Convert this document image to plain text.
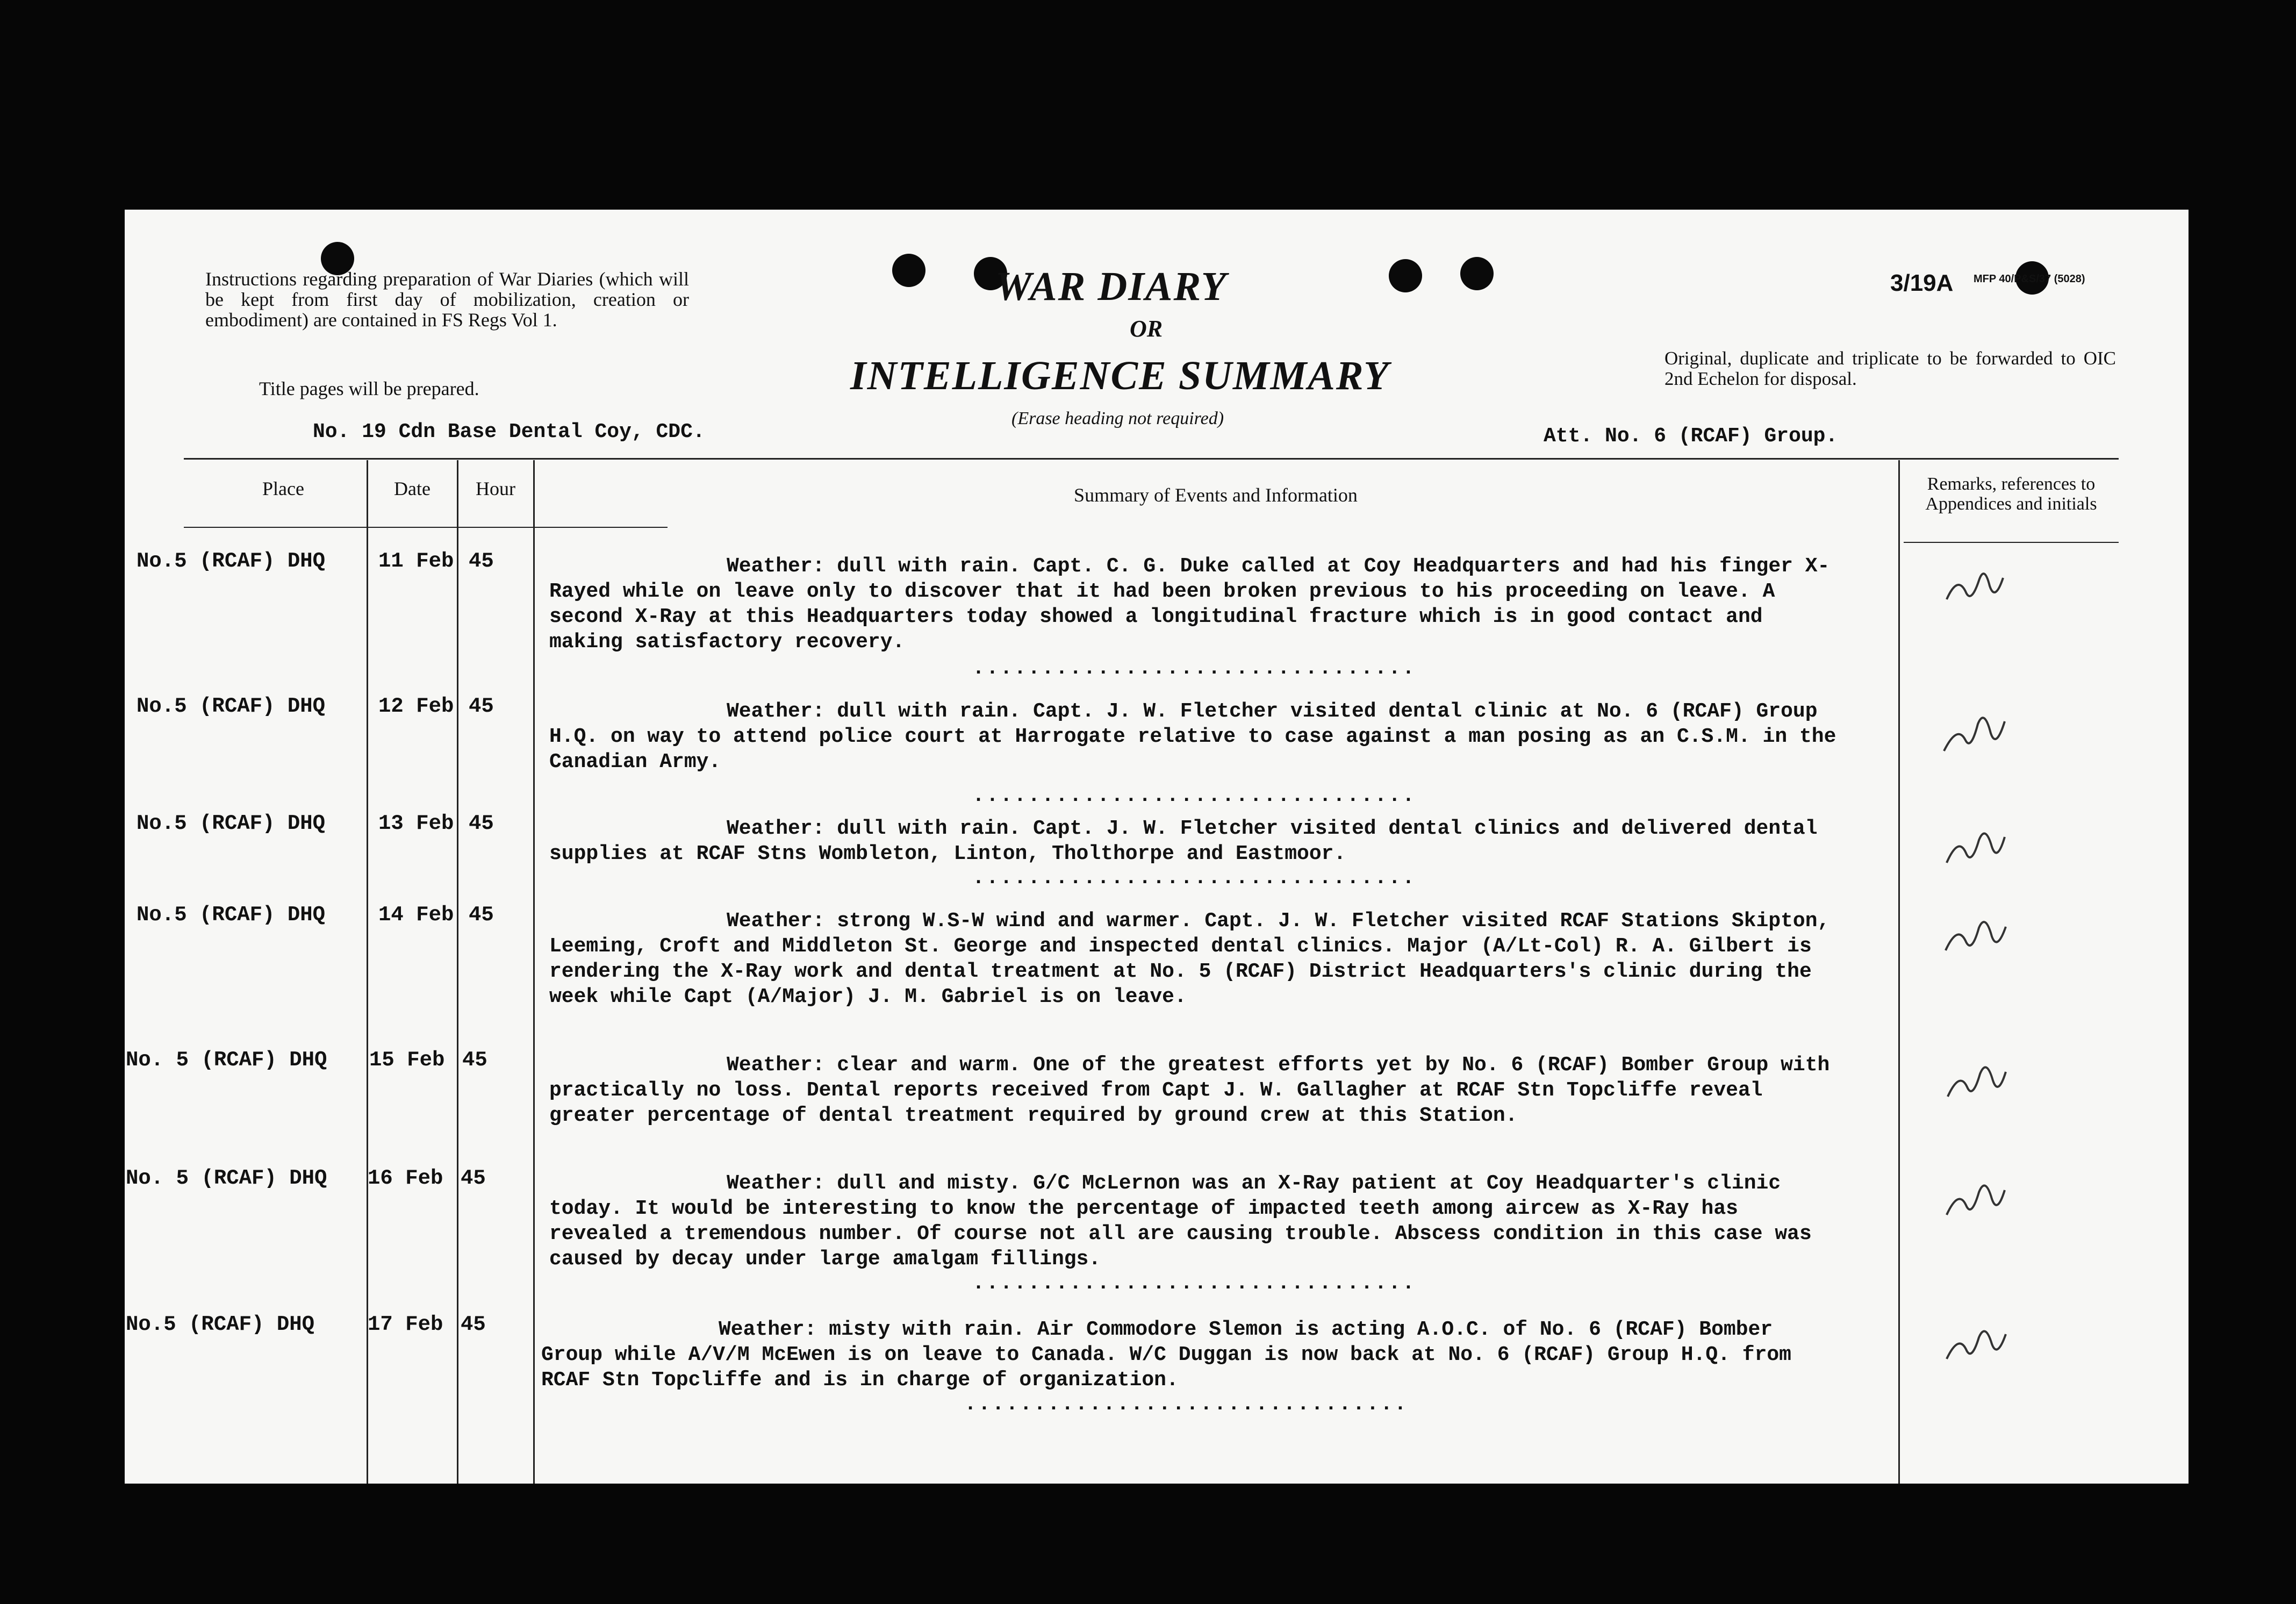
Instructions regarding preparation of War Diaries (which will be kept from first day of mobilization, creation or embodiment) are contained in FS Regs Vol 1.
Title pages will be prepared.
No. 19 Cdn Base Dental Coy, CDC.
WAR DIARY
OR
INTELLIGENCE SUMMARY
(Erase heading not required)
3/19A MFP 40/P&S/37 (5028)
Original, duplicate and triplicate to be forwarded to OIC 2nd Echelon for disposal.
Att. No. 6 (RCAF) Group.
Place	Date	Hour	Summary of Events and Information
Remarks, references to Appendices and initials
No.5 (RCAF) DHQ	11 Feb 45	Weather: dull with rain. Capt. C. G. Duke called at Coy Headquarters and had his finger X-Rayed while on leave only to discover that it had been broken previous to his proceeding on leave. A second X-Ray at this Headquarters today showed a longitudinal fracture which is in good contact and making satisfactory recovery.
................................
No.5 (RCAF) DHQ	12 Feb 45	Weather: dull with rain. Capt. J. W. Fletcher visited dental clinic at No. 6 (RCAF) Group H.Q. on way to attend police court at Harrogate relative to case against a man posing as an C.S.M. in the Canadian Army.
................................
No.5 (RCAF) DHQ	13 Feb 45	Weather: dull with rain. Capt. J. W. Fletcher visited dental clinics and delivered dental supplies at RCAF Stns Wombleton, Linton, Tholthorpe and Eastmoor.
................................
No.5 (RCAF) DHQ	14 Feb 45	Weather: strong W.S-W wind and warmer. Capt. J. W. Fletcher visited RCAF Stations Skipton, Leeming, Croft and Middleton St. George and inspected dental clinics. Major (A/Lt-Col) R. A. Gilbert is rendering the X-Ray work and dental treatment at No. 5 (RCAF) District Headquarters's clinic during the week while Capt (A/Major) J. M. Gabriel is on leave.
No. 5 (RCAF) DHQ 15 Feb 45	Weather: clear and warm. One of the greatest efforts yet by No. 6 (RCAF) Bomber Group with practically no loss. Dental reports received from Capt J. W. Gallagher at RCAF Stn Topcliffe reveal greater percentage of dental treatment required by ground crew at this Station.
No. 5 (RCAF) DHQ 16 Feb 45	Weather: dull and misty. G/C McLernon was an X-Ray patient at Coy Headquarter's clinic today. It would be interesting to know the percentage of impacted teeth among aircew as X-Ray has revealed a tremendous number. Of course not all are causing trouble. Abscess condition in this case was caused by decay under large amalgam fillings.
................................
No.5 (RCAF) DHQ	17 Feb 45	Weather: misty with rain. Air Commodore Slemon is acting A.O.C. of No. 6 (RCAF) Bomber Group while A/V/M McEwen is on leave to Canada. W/C Duggan is now back at No. 6 (RCAF) Group H.Q. from RCAF Stn Topcliffe and is in charge of organization.
................................
